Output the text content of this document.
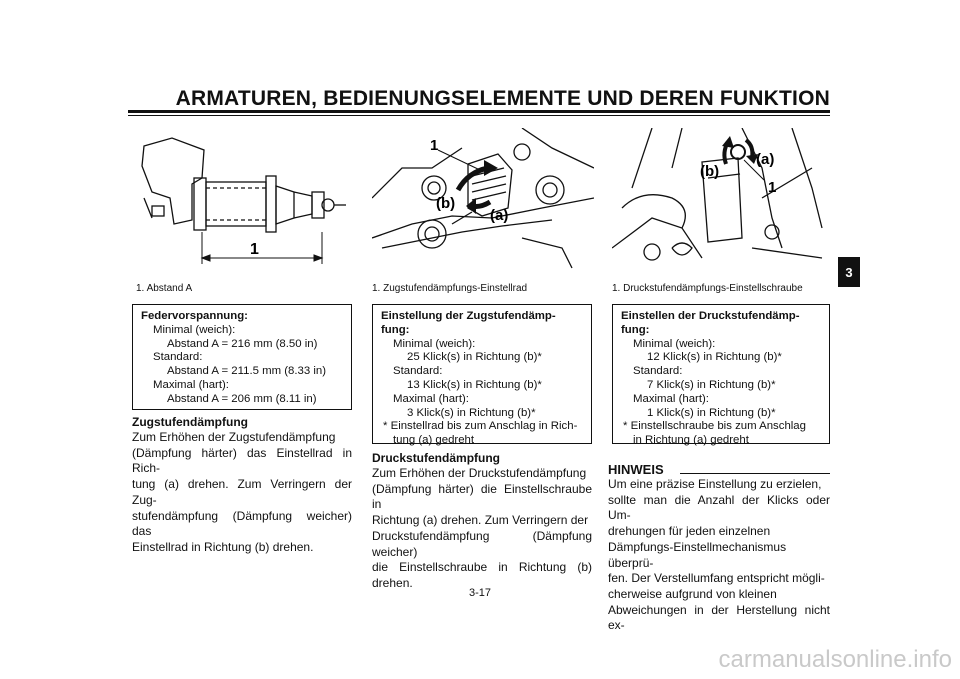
ARMATUREN, BEDIENUNGSELEMENTE UND DEREN FUNKTION
3
1
1. Abstand A
1
(b)
(a)
1. Zugstufendämpfungs-Einstellrad
(b)
(a)
1
1. Druckstufendämpfungs-Einstellschraube
Federvorspannung:
Minimal (weich):
Abstand A = 216 mm (8.50 in)
Standard:
Abstand A = 211.5 mm (8.33 in)
Maximal (hart):
Abstand A = 206 mm (8.11 in)
Einstellung der Zugstufendämp-
fung:
Minimal (weich):
25 Klick(s) in Richtung (b)*
Standard:
13 Klick(s) in Richtung (b)*
Maximal (hart):
3 Klick(s) in Richtung (b)*
* Einstellrad bis zum Anschlag in Rich-
tung (a) gedreht
Einstellen der Druckstufendämp-
fung:
Minimal (weich):
12 Klick(s) in Richtung (b)*
Standard:
7 Klick(s) in Richtung (b)*
Maximal (hart):
1 Klick(s) in Richtung (b)*
* Einstellschraube bis zum Anschlag
in Richtung (a) gedreht
Zugstufendämpfung
Zum Erhöhen der Zugstufendämpfung
(Dämpfung härter) das Einstellrad in Rich-
tung (a) drehen. Zum Verringern der Zug-
stufendämpfung (Dämpfung weicher) das
Einstellrad in Richtung (b) drehen.
Druckstufendämpfung
Zum Erhöhen der Druckstufendämpfung
(Dämpfung härter) die Einstellschraube in
Richtung (a) drehen. Zum Verringern der
Druckstufendämpfung (Dämpfung weicher)
die Einstellschraube in Richtung (b) drehen.
HINWEIS
Um eine präzise Einstellung zu erzielen,
sollte man die Anzahl der Klicks oder Um-
drehungen für jeden einzelnen
Dämpfungs-Einstellmechanismus überprü-
fen. Der Verstellumfang entspricht mögli-
cherweise aufgrund von kleinen
Abweichungen in der Herstellung nicht ex-
3-17
carmanualsonline.info
